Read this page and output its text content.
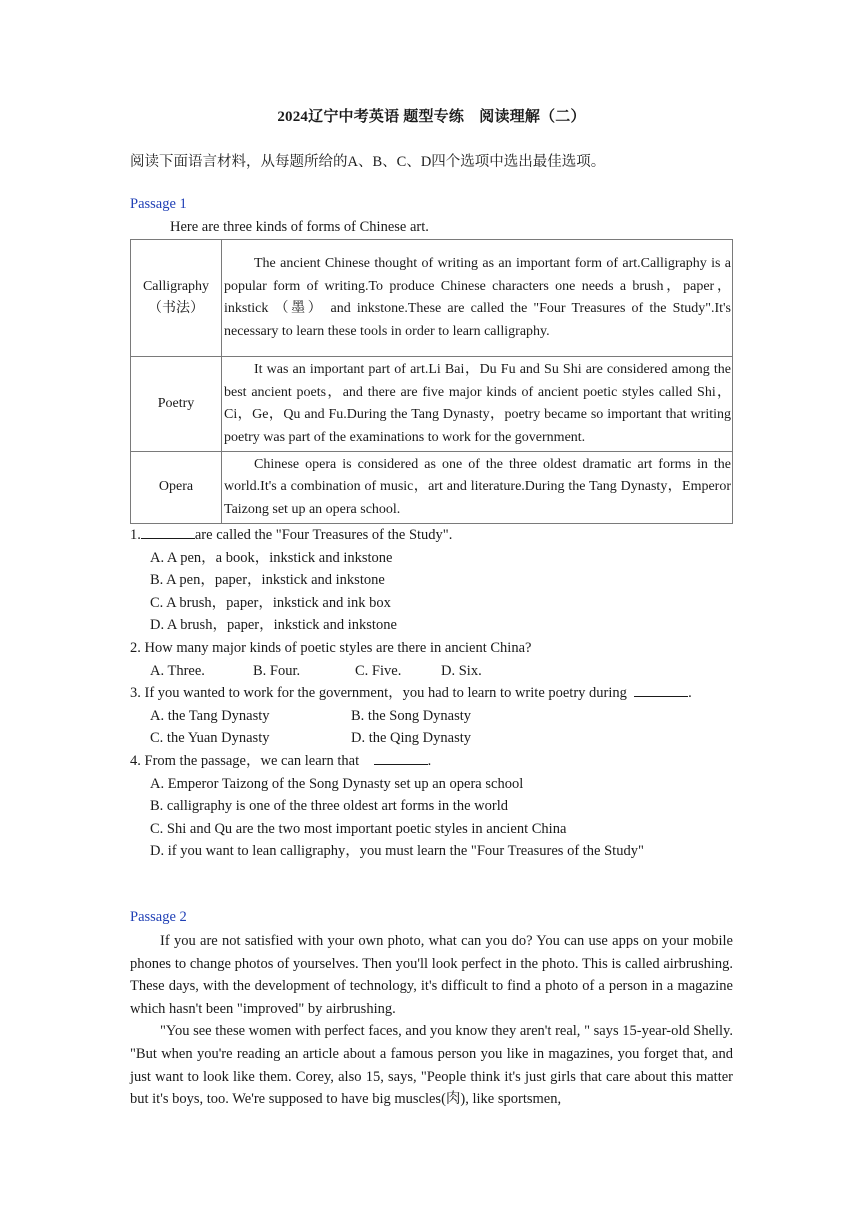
2024辽宁中考英语 题型专练　阅读理解（二）
阅读下面语言材料，从每题所给的A、B、C、D四个选项中选出最佳选项。
Passage 1
Here are three kinds of forms of Chinese art.
Calligraphy
（书法）	The ancient Chinese thought of writing as an important form of art.Calligraphy is a popular form of writing.To produce Chinese characters one needs a brush，paper，inkstick （墨） and inkstone.These are called the "Four Treasures of the Study".It's necessary to learn these tools in order to learn calligraphy.

Poetry	It was an important part of art.Li Bai，Du Fu and Su Shi are considered among the best ancient poets，and there are five major kinds of ancient poetic styles called Shi，Ci，Ge，Qu and Fu.During the Tang Dynasty，poetry became so important that writing poetry was part of the examinations to work for the government.

Opera	Chinese opera is considered as one of the three oldest dramatic art forms in the world.It's a combination of music，art and literature.During the Tang Dynasty，Emperor Taizong set up an opera school.
1.	are called the "Four Treasures of the Study".
A. A pen，a book，inkstick and inkstone
B. A pen，paper，inkstick and inkstone
C. A brush，paper，inkstick and ink box
D. A brush，paper，inkstick and inkstone
2. How many major kinds of poetic styles are there in ancient China?
A. Three.	B. Four.	C. Five.	D. Six.
3. If you wanted to work for the government，you had to learn to write poetry during	.
A. the Tang Dynasty	B. the Song Dynasty
C. the Yuan Dynasty	D. the Qing Dynasty
4. From the passage，we can learn that	.
A. Emperor Taizong of the Song Dynasty set up an opera school
B. calligraphy is one of the three oldest art forms in the world
C. Shi and Qu are the two most important poetic styles in ancient China
D. if you want to lean calligraphy，you must learn the "Four Treasures of the Study"
Passage 2

If you are not satisfied with your own photo, what can you do? You can use apps on your mobile phones to change photos of yourselves. Then you'll look perfect in the photo. This is called airbrushing. These days, with the development of technology, it's difficult to find a photo of a person in a magazine which hasn't been "improved" by airbrushing.

"You see these women with perfect faces, and you know they aren't real, " says 15-year-old Shelly. "But when you're reading an article about a famous person you like in magazines, you forget that, and just want to look like them. Corey, also 15, says, "People think it's just girls that care about this matter but it's boys, too. We're supposed to have big muscles(肉), like sportsmen,
